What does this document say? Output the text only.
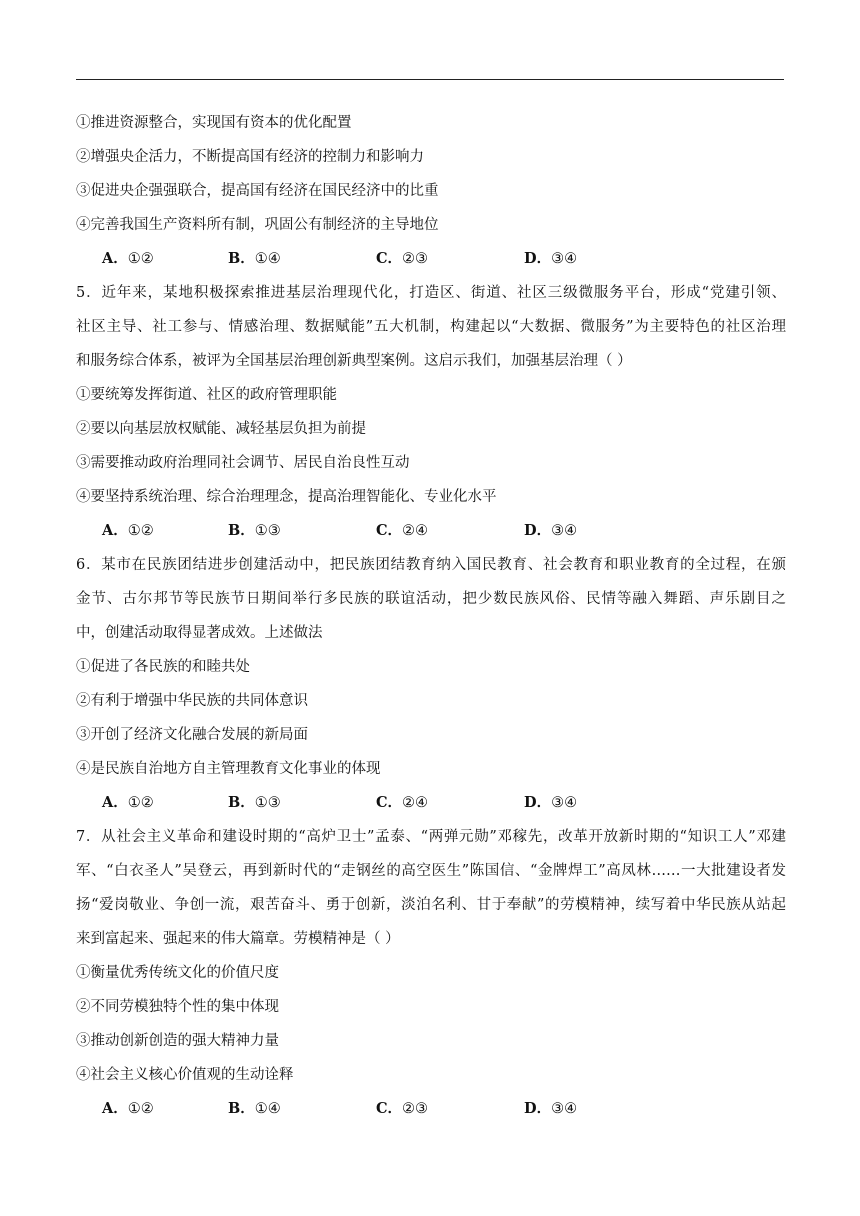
①推进资源整合，实现国有资本的优化配置
②增强央企活力，不断提高国有经济的控制力和影响力
③促进央企强强联合，提高国有经济在国民经济中的比重
④完善我国生产资料所有制，巩固公有制经济的主导地位
A．①②	B．①④	C．②③	D．③④
5．近年来，某地积极探索推进基层治理现代化，打造区、街道、社区三级微服务平台，形成“党建引领、
社区主导、社工参与、情感治理、数据赋能”五大机制，构建起以“大数据、微服务”为主要特色的社区治理
和服务综合体系，被评为全国基层治理创新典型案例。这启示我们，加强基层治理（ ）
①要统筹发挥街道、社区的政府管理职能
②要以向基层放权赋能、减轻基层负担为前提
③需要推动政府治理同社会调节、居民自治良性互动
④要坚持系统治理、综合治理理念，提高治理智能化、专业化水平
A．①②	B．①③	C．②④	D．③④
6．某市在民族团结进步创建活动中，把民族团结教育纳入国民教育、社会教育和职业教育的全过程，在颁
金节、古尔邦节等民族节日期间举行多民族的联谊活动，把少数民族风俗、民情等融入舞蹈、声乐剧目之
中，创建活动取得显著成效。上述做法
①促进了各民族的和睦共处
②有利于增强中华民族的共同体意识
③开创了经济文化融合发展的新局面
④是民族自治地方自主管理教育文化事业的体现
A．①②	B．①③	C．②④	D．③④
7．从社会主义革命和建设时期的“高炉卫士”孟泰、“两弹元勋”邓稼先，改革开放新时期的“知识工人”邓建
军、“白衣圣人”吴登云，再到新时代的“走钢丝的高空医生”陈国信、“金牌焊工”高凤林……一大批建设者发
扬“爱岗敬业、争创一流，艰苦奋斗、勇于创新，淡泊名利、甘于奉献”的劳模精神，续写着中华民族从站起
来到富起来、强起来的伟大篇章。劳模精神是（ ）
①衡量优秀传统文化的价值尺度
②不同劳模独特个性的集中体现
③推动创新创造的强大精神力量
④社会主义核心价值观的生动诠释
A．①②	B．①④	C．②③	D．③④
